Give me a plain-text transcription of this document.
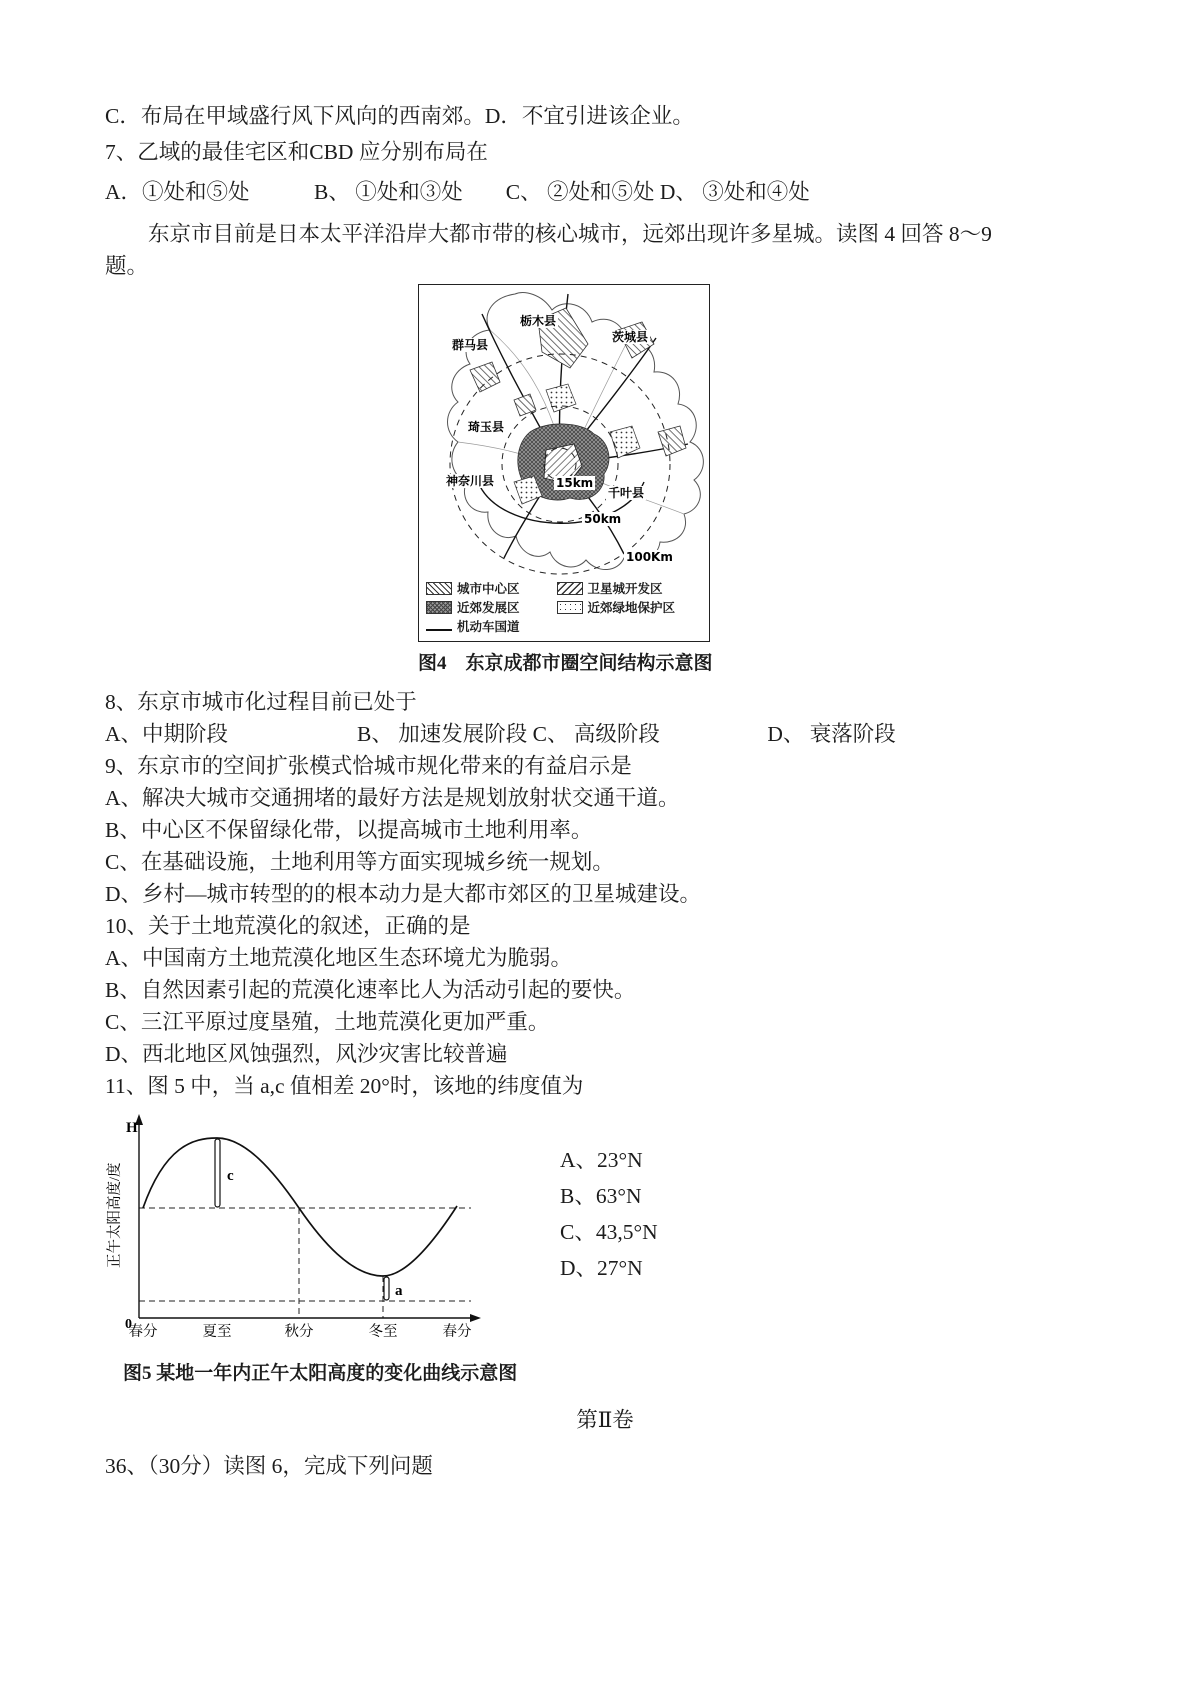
C．布局在甲域盛行风下风向的西南郊。D．不宜引进该企业。

7、乙域的最佳宅区和CBD 应分别布局在

A．①处和⑤处　　　B、 ①处和③处　　C、 ②处和⑤处 D、 ③处和④处

东京市目前是日本太平洋沿岸大都市带的核心城市，远郊出现许多星城。读图 4 回答 8～9 题。

群马县
栃木县
茨城县
琦玉县
神奈川县
千叶县
15km
50km
100Km
城市中心区	卫星城开发区
近郊发展区	近郊绿地保护区
机动车国道
图4　东京成都市圈空间结构示意图

8、东京市城市化过程目前已处于

A、中期阶段　　　　　　B、 加速发展阶段 C、 高级阶段　　　　　D、 衰落阶段

9、东京市的空间扩张模式恰城市规化带来的有益启示是

A、解决大城市交通拥堵的最好方法是规划放射状交通干道。

B、中心区不保留绿化带，以提高城市土地利用率。

C、在基础设施，土地利用等方面实现城乡统一规划。

D、乡村—城市转型的的根本动力是大都市郊区的卫星城建设。

10、关于土地荒漠化的叙述，正确的是

A、中国南方土地荒漠化地区生态环境尤为脆弱。

B、自然因素引起的荒漠化速率比人为活动引起的要快。

C、三江平原过度垦殖，土地荒漠化更加严重。

D、西北地区风蚀强烈，风沙灾害比较普遍

11、图 5 中，当 a,c 值相差 20°时，该地的纬度值为

H
正午太阳高度/度
0
春分	夏至	秋分	冬至	春分
c
a
图5 某地一年内正午太阳高度的变化曲线示意图
A、23°N
B、63°N
C、43,5°N
D、27°N

第Ⅱ卷

36、（30分）读图 6，完成下列问题
